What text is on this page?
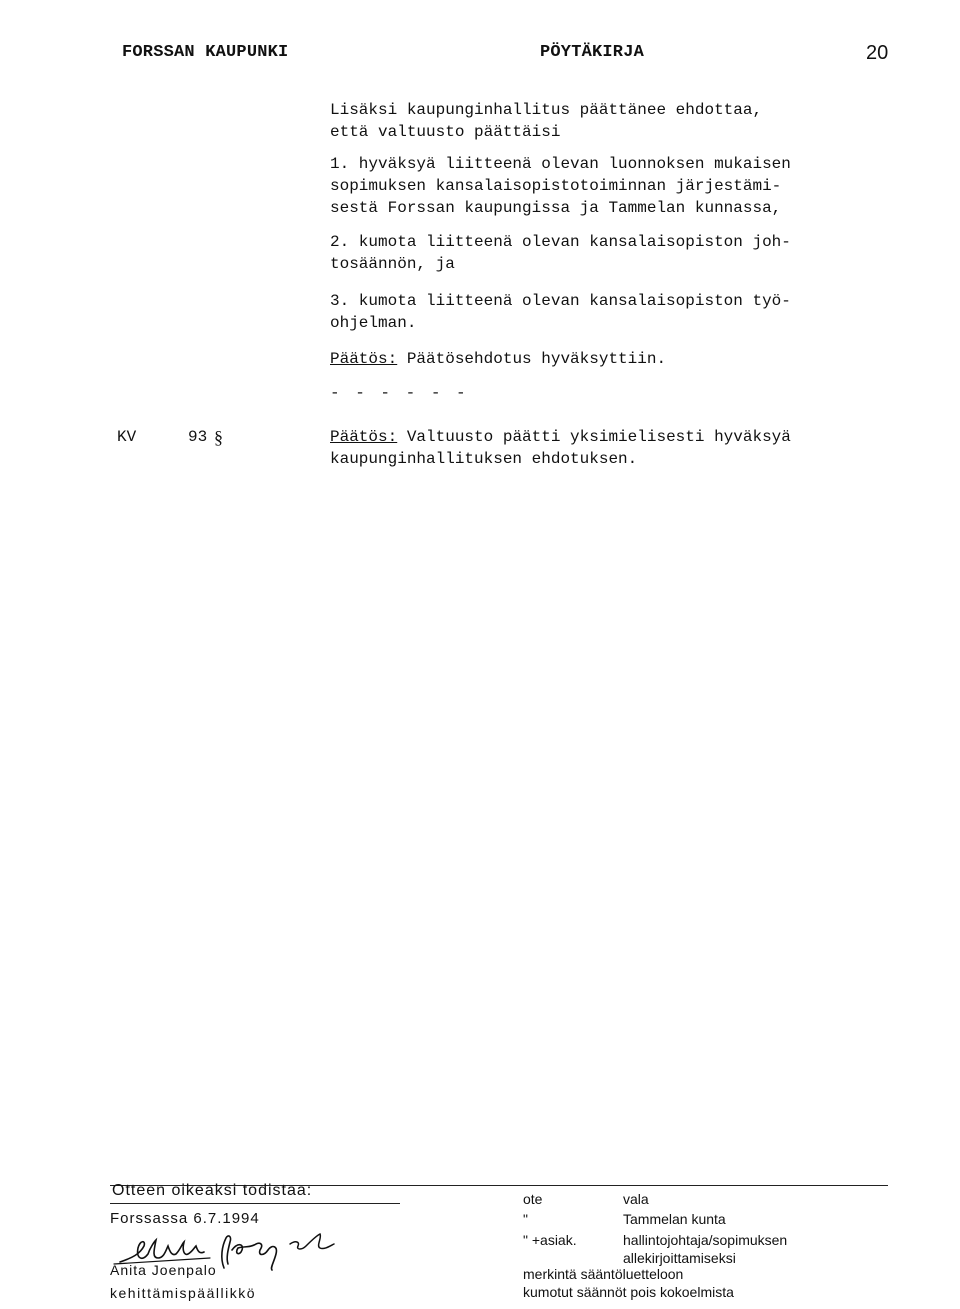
FORSSAN KAUPUNKI	PÖYTÄKIRJA	20

Lisäksi kaupunginhallitus päättänee ehdottaa,

että valtuusto päättäisi

1. hyväksyä liitteenä olevan luonnoksen mukaisen

sopimuksen kansalaisopistotoiminnan järjestämi-

sestä Forssan kaupungissa ja Tammelan kunnassa,

2. kumota liitteenä olevan kansalaisopiston joh-

tosäännön, ja

3. kumota liitteenä olevan kansalaisopiston työ-

ohjelman.

Päätös: Päätösehdotus hyväksyttiin.

- - - - - -
KV	93 §	Päätös: Valtuusto päätti yksimielisesti hyväksyä

kaupunginhallituksen ehdotuksen.

Otteen oikeaksi todistaa:
Forssassa 6.7.1994
Anita Joenpalo
kehittämispäällikkö
ote	vala
"	Tammelan kunta
" +asiak.	hallintojohtaja/sopimuksen
allekirjoittamiseksi
merkintä sääntöluetteloon
kumotut säännöt pois kokoelmista
